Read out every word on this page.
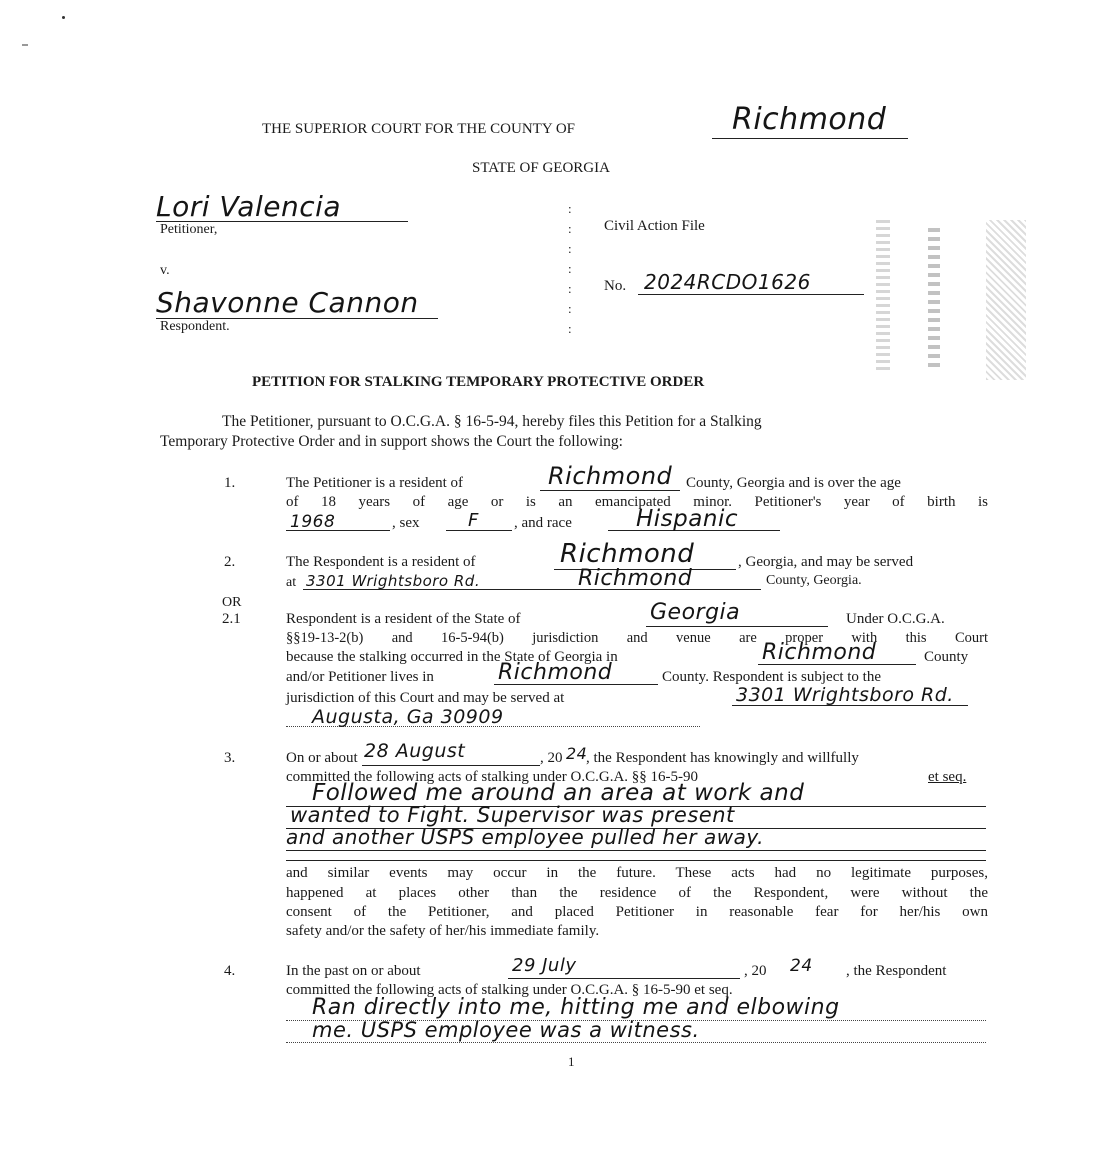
THE SUPERIOR COURT FOR THE COUNTY OF	Richmond
STATE OF GEORGIA
Lori Valencia
Petitioner,
v.
Shavonne Cannon
Respondent.
:
:
:
:
:
:
:
Civil Action File
No. 2024RCDO1626
PETITION FOR STALKING TEMPORARY PROTECTIVE ORDER
The Petitioner, pursuant to O.C.G.A. § 16-5-94, hereby files this Petition for a Stalking
Temporary Protective Order and in support shows the Court the following:
1.	The Petitioner is a resident of	Richmond County, Georgia and is over the age
of 18 years of age or is an emancipated minor. Petitioner's year of birth is
1968	, sex	F , and race	Hispanic
2.	The Respondent is a resident of	Richmond	, Georgia, and may be served
at 3301 Wrightsboro Rd.	Richmond	County, Georgia.
OR
2.1	Respondent is a resident of the State of	Georgia	Under O.C.G.A.
§§19-13-2(b) and 16-5-94(b) jurisdiction and venue are proper with this Court
because the stalking occurred in the State of Georgia in	Richmond	County
and/or Petitioner lives in	Richmond	County. Respondent is subject to the
jurisdiction of this Court and may be served at	3301 Wrightsboro Rd.
Augusta, Ga 30909
3.	On or about 28 August	, 20 24
, the Respondent has knowingly and willfully
committed the following acts of stalking under O.C.G.A. §§ 16-5-90	et seq.
Followed me around an area at work and
wanted to Fight. Supervisor was present
and another USPS employee pulled her away.
and similar events may occur in the future. These acts had no legitimate purposes,
happened at places other than the residence of the Respondent, were without the
consent of the Petitioner, and placed Petitioner in reasonable fear for her/his own
safety and/or the safety of her/his immediate family.
4.	In the past on or about	29 July	, 20 24 , the Respondent
committed the following acts of stalking under O.C.G.A. § 16-5-90 et seq.
Ran directly into me, hitting me and elbowing
me. USPS employee was a witness.
1
